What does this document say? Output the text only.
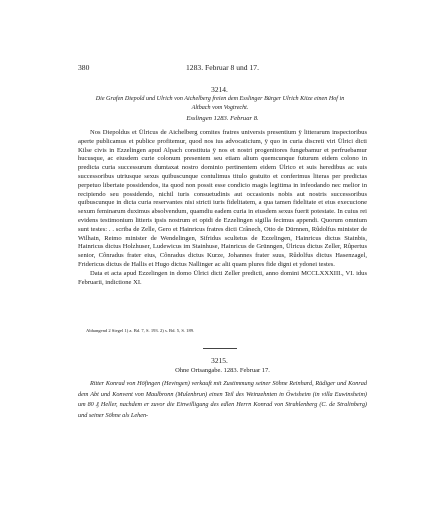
380	1283. Februar 8 und 17.
3214.
Die Grafen Diepold und Ulrich von Aichelberg freien dem Esslinger Bürger Ulrich Kiize einen Hof in Altbach vom Vogtrecht.
Esslingen 1283. Februar 8.

Nos Diepoldus et Ülricus de Aichelberg comites fratres universis presentium ÿ litterarum inspectoribus aperte publicamus et publice profitemur, quod nos ius advocaticium, ÿ quo in curia discreti viri Ülrici dicti Kilse civis in Ezzelingen apud Alpach constituta ÿ nos et nostri progenitores fungebamur et perfruebamur hucusque, ac eiusdem curie colonum presentem seu etiam alium quemcunque futurum eidem colono in predicta curia successurum dumtaxat nostro dominio pertinentem eidem Ülrico et suis heredibus ac suis successoribus utriusque sexus quibuscunque contulimus titulo gratuito et conferimus literas per predictas perpetuo libertate possidendos, ita quod non possit esse condicio magis legitima in infeodando nec melior in recipiendo seu possidendo, nichil iuris consuetudinis aut occasionis nobis aut nostris successoribus quibuscunque in dicta curia reservantes nisi stricti iuris fidelitatem, a qua tamen fidelitate et eius execucione sexum feminarum duximus absolvendum, quamdiu eadem curia in eiusdem sexus fuerit potestate. In cuius rei evidens testimonium litteris ipsis nostrum et opidi de Ezzelingen sigilla fecimus appendi. Quorum omnium sunt testes: . . scriba de Zelle, Gero et Hainricus fratres dicti Crânech, Otto de Dürnnen, Rûdolfus minister de Wilhain, Reimo minister de Wendelingen, Sifridus scultetus de Ezzelingen, Hainricus dictus Stainbis, Hainricus dictus Holzhuser, Ludewicus im Stainhuse, Hainricus de Grünngen, Ülricus dictus Zeller, Rûpertus senior, Cônradus frater eius, Cônradus dictus Kurze, Johannes frater suus, Rûdolfus dictus Hasenzagel, Fridericus dictus de Hallis et Hugo dictus Nallinger ac alii quam plures fide digni et ydonei testes.

Data et acta apud Ezzelingen in domo Ülrici dicti Zeller predicti, anno domini MCCLXXXIII., VI. idus Februarii, indictione XI.

Abhangend 2 Siegel 1) a. Bd. 7, S. 193. 2) s. Bd. 5, S. 189.
3215.
Ohne Ortsangabe. 1283. Februar 17.
Ritter Konrad von Höfingen (Hevingen) verkauft mit Zustimmung seiner Söhne Reinhard, Rüdiger und Konrad dem Abt und Konvent von Maulbronn (Mulenbrun) einen Teil des Weinzehnten in Öwisheim (in villa Euwinsheim) um 80 ₰ Heller, nachdem er zuvor die Einwilligung des edlen Herrn Konrad von Strahlenberg (C. de Stralinberg) und seiner Söhne als Lehen-
